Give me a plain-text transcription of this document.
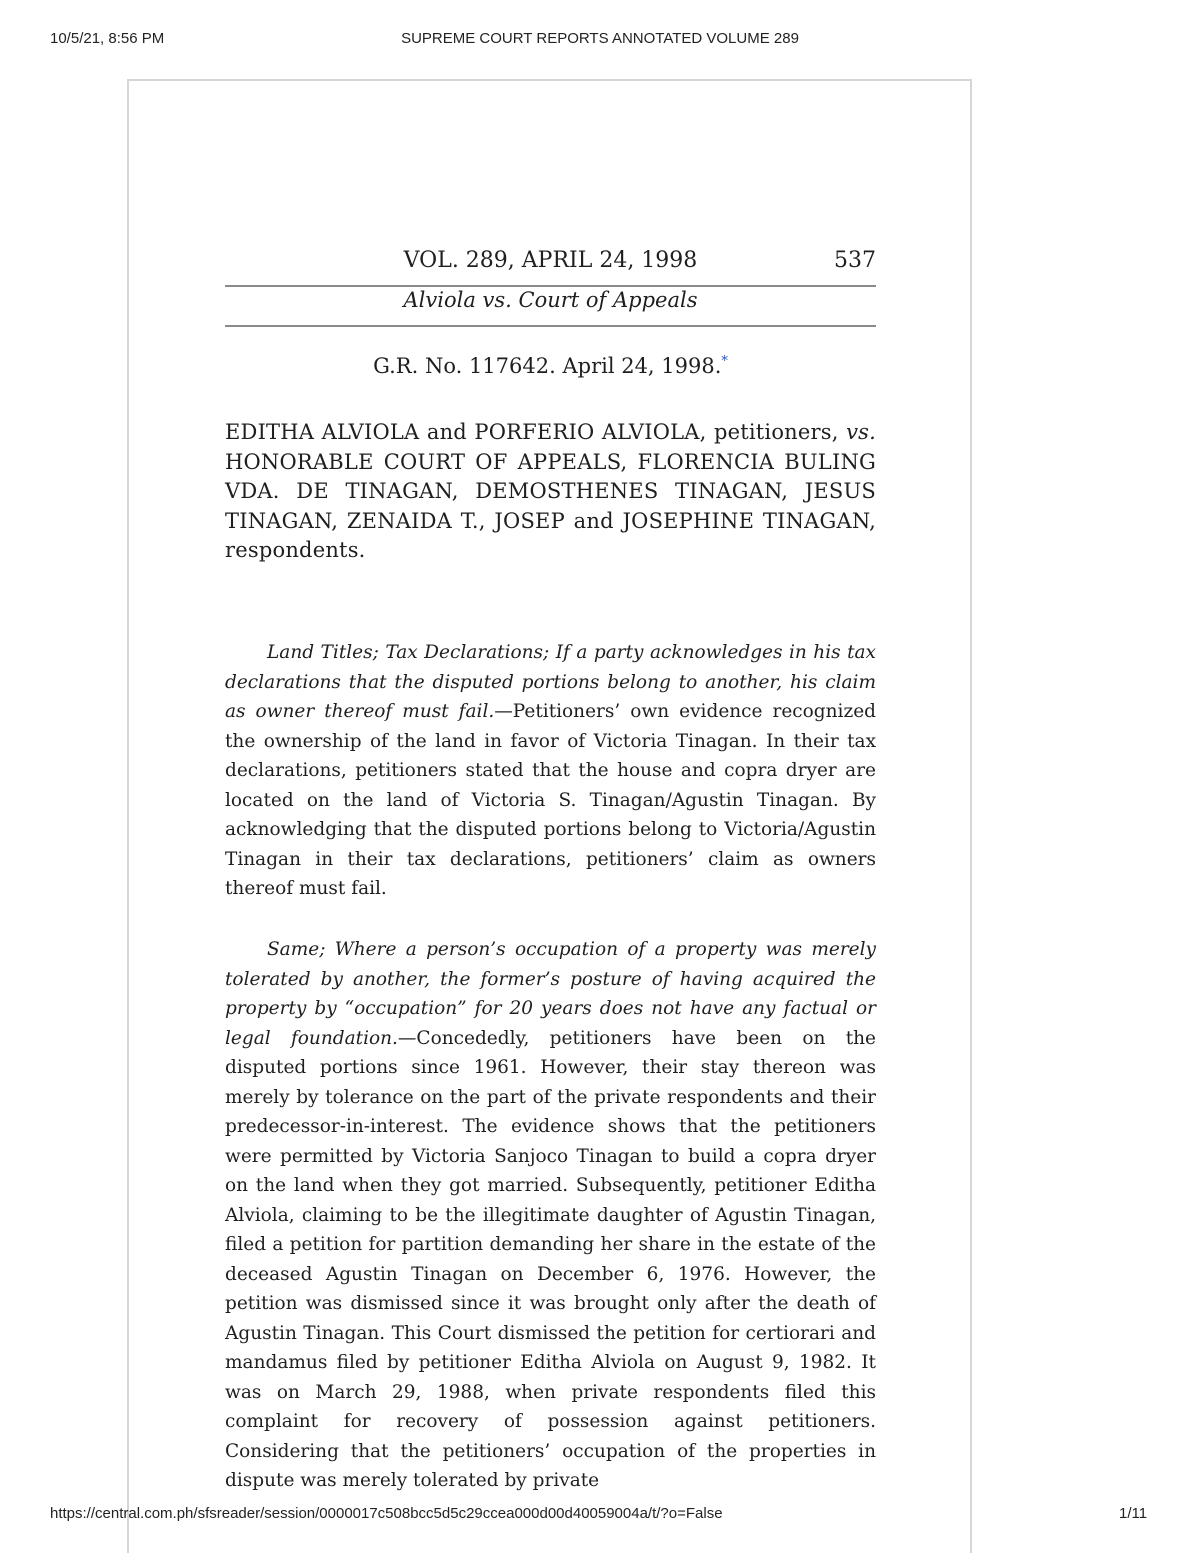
10/5/21, 8:56 PM	SUPREME COURT REPORTS ANNOTATED VOLUME 289
VOL. 289, APRIL 24, 1998	537
Alviola vs. Court of Appeals
G.R. No. 117642. April 24, 1998.*
EDITHA ALVIOLA and PORFERIO ALVIOLA, petitioners, vs. HONORABLE COURT OF APPEALS, FLORENCIA BULING VDA. DE TINAGAN, DEMOSTHENES TINAGAN, JESUS TINAGAN, ZENAIDA T., JOSEP and JOSEPHINE TINAGAN, respondents.
Land Titles; Tax Declarations; If a party acknowledges in his tax declarations that the disputed portions belong to another, his claim as owner thereof must fail.—Petitioners’ own evidence recognized the ownership of the land in favor of Victoria Tinagan. In their tax declarations, petitioners stated that the house and copra dryer are located on the land of Victoria S. Tinagan/Agustin Tinagan. By acknowledging that the disputed portions belong to Victoria/Agustin Tinagan in their tax declarations, petitioners’ claim as owners thereof must fail.
Same; Where a person’s occupation of a property was merely tolerated by another, the former’s posture of having acquired the property by “occupation” for 20 years does not have any factual or legal foundation.—Concededly, petitioners have been on the disputed portions since 1961. However, their stay thereon was merely by tolerance on the part of the private respondents and their predecessor-in-interest. The evidence shows that the petitioners were permitted by Victoria Sanjoco Tinagan to build a copra dryer on the land when they got married. Subsequently, petitioner Editha Alviola, claiming to be the illegitimate daughter of Agustin Tinagan, filed a petition for partition demanding her share in the estate of the deceased Agustin Tinagan on December 6, 1976. However, the petition was dismissed since it was brought only after the death of Agustin Tinagan. This Court dismissed the petition for certiorari and mandamus filed by petitioner Editha Alviola on August 9, 1982. It was on March 29, 1988, when private respondents filed this complaint for recovery of possession against petitioners. Considering that the petitioners’ occupation of the properties in dispute was merely tolerated by private
https://central.com.ph/sfsreader/session/0000017c508bcc5d5c29ccea000d00d40059004a/t/?o=False	1/11
